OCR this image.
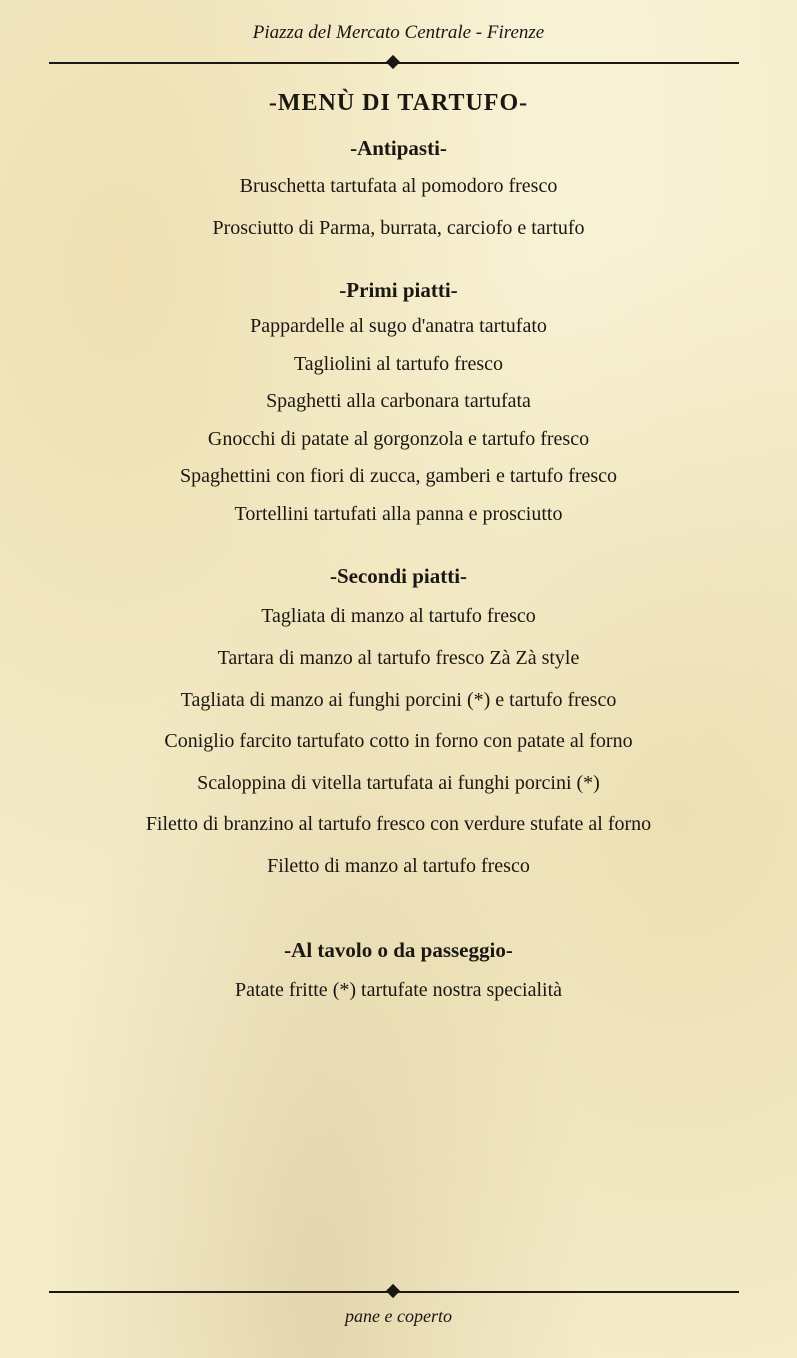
Piazza del Mercato Centrale - Firenze
-MENÙ DI TARTUFO-
-Antipasti-
Bruschetta tartufata al pomodoro fresco
Prosciutto di Parma, burrata, carciofo e tartufo
-Primi piatti-
Pappardelle al sugo d'anatra tartufato
Tagliolini al tartufo fresco
Spaghetti alla carbonara tartufata
Gnocchi di patate al gorgonzola e tartufo fresco
Spaghettini con fiori di zucca, gamberi e tartufo fresco
Tortellini tartufati alla panna e prosciutto
-Secondi piatti-
Tagliata di manzo al tartufo fresco
Tartara di manzo al tartufo fresco Zà Zà style
Tagliata di manzo ai funghi porcini (*) e tartufo fresco
Coniglio farcito tartufato cotto in forno con patate al forno
Scaloppina di vitella tartufata ai funghi porcini (*)
Filetto di branzino al tartufo fresco con verdure stufate al forno
Filetto di manzo al tartufo fresco
-Al tavolo o da passeggio-
Patate fritte (*) tartufate nostra specialità
pane e coperto
